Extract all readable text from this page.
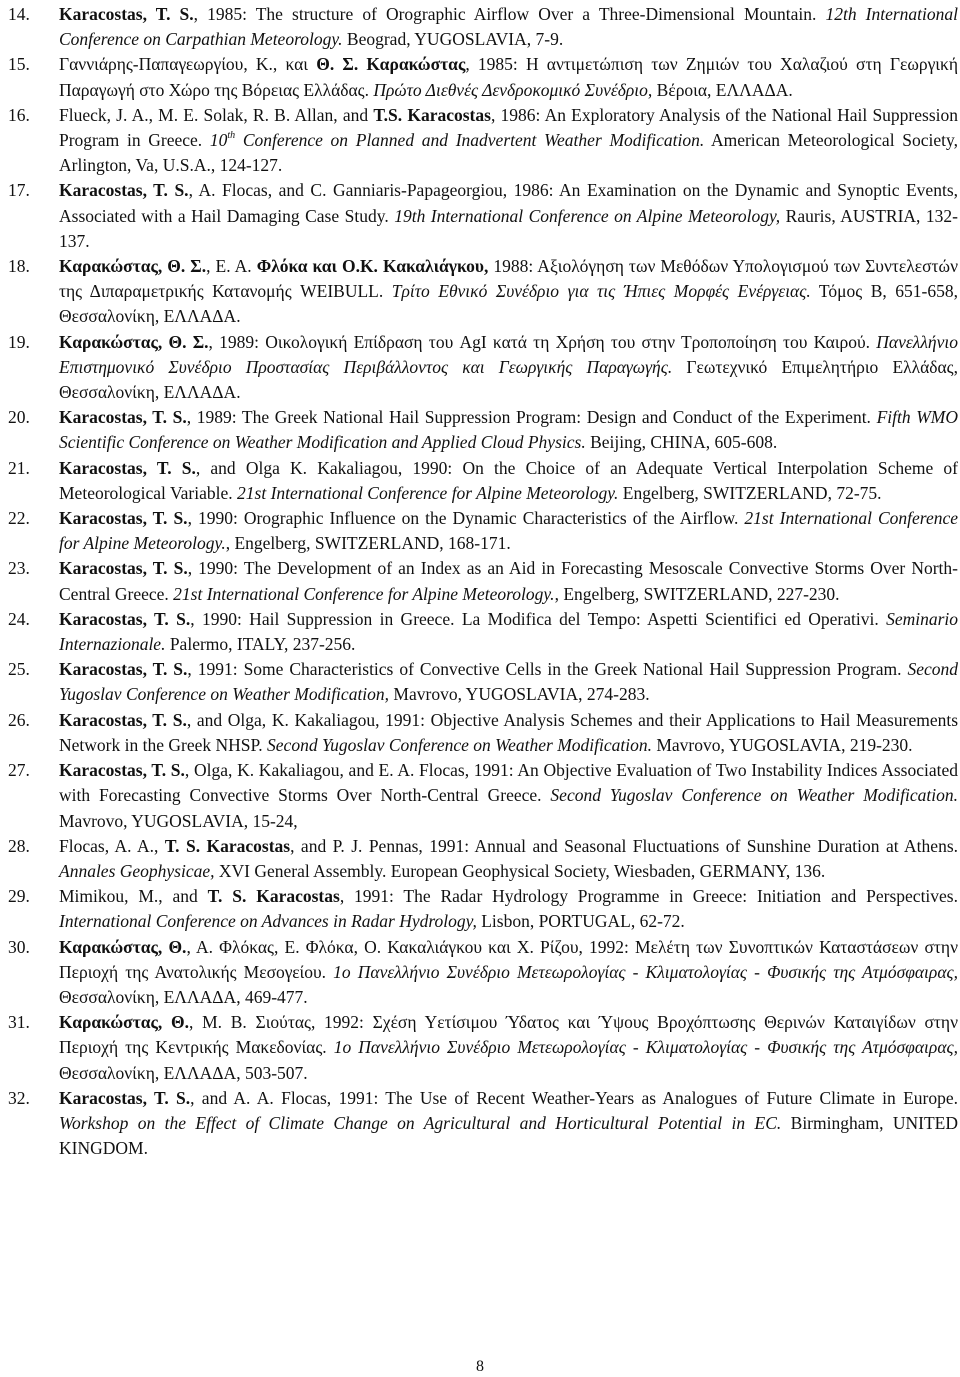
14.	Karacostas, T. S., 1985: The structure of Orographic Airflow Over a Three-Dimensional Mountain. 12th International Conference on Carpathian Meteorology. Beograd, YUGOSLAVIA, 7-9.
15.	Γαννιάρης-Παπαγεωργίου, Κ., και Θ. Σ. Καρακώστας, 1985: Η αντιμετώπιση των Ζημιών του Χαλαζιού στη Γεωργική Παραγωγή στο Χώρο της Βόρειας Ελλάδας. Πρώτο Διεθνές Δενδροκομικό Συνέδριο, Βέροια, ΕΛΛΑΔΑ.
16.	Flueck, J. A., M. E. Solak, R. B. Allan, and T.S. Karacostas, 1986: An Exploratory Analysis of the National Hail Suppression Program in Greece. 10th Conference on Planned and Inadvertent Weather Modification. American Meteorological Society, Arlington, Va, U.S.A., 124-127.
17.	Karacostas, T. S., A. Flocas, and C. Ganniaris-Papageorgiou, 1986: An Examination on the Dynamic and Synoptic Events, Associated with a Hail Damaging Case Study. 19th International Conference on Alpine Meteorology, Rauris, AUSTRIA, 132-137.
18.	Καρακώστας, Θ. Σ., Ε. Α. Φλόκα και Ο.Κ. Κακαλιάγκου, 1988: Αξιολόγηση των Μεθόδων Υπολογισμού των Συντελεστών της Διπαραμετρικής Κατανομής WEIBULL. Τρίτο Εθνικό Συνέδριο για τις Ήπιες Μορφές Ενέργειας. Τόμος Β, 651-658, Θεσσαλονίκη, ΕΛΛΑΔΑ.
19.	Καρακώστας, Θ. Σ., 1989: Οικολογική Επίδραση του AgI κατά τη Χρήση του στην Τροποποίηση του Καιρού. Πανελλήνιο Επιστημονικό Συνέδριο Προστασίας Περιβάλλοντος και Γεωργικής Παραγωγής. Γεωτεχνικό Επιμελητήριο Ελλάδας, Θεσσαλονίκη, ΕΛΛΑΔΑ.
20.	Karacostas, T. S., 1989: The Greek National Hail Suppression Program: Design and Conduct of the Experiment. Fifth WMO Scientific Conference on Weather Modification and Applied Cloud Physics. Beijing, CHINA, 605-608.
21.	Karacostas, T. S., and Olga K. Kakaliagou, 1990: On the Choice of an Adequate Vertical Interpolation Scheme of Meteorological Variable. 21st International Conference for Alpine Meteorology. Engelberg, SWITZERLAND, 72-75.
22.	Karacostas, T. S., 1990: Orographic Influence on the Dynamic Characteristics of the Airflow. 21st International Conference for Alpine Meteorology., Engelberg, SWITZERLAND, 168-171.
23.	Karacostas, T. S., 1990: The Development of an Index as an Aid in Forecasting Mesoscale Convective Storms Over North-Central Greece. 21st International Conference for Alpine Meteorology., Engelberg, SWITZERLAND, 227-230.
24.	Karacostas, T. S., 1990: Hail Suppression in Greece. La Modifica del Tempo: Aspetti Scientifici ed Operativi. Seminario Internazionale. Palermo, ITALY, 237-256.
25.	Karacostas, T. S., 1991: Some Characteristics of Convective Cells in the Greek National Hail Suppression Program. Second Yugoslav Conference on Weather Modification, Mavrovo, YUGOSLAVIA, 274-283.
26.	Karacostas, T. S., and Olga, K. Kakaliagou, 1991: Objective Analysis Schemes and their Applications to Hail Measurements Network in the Greek NHSP. Second Yugoslav Conference on Weather Modification. Mavrovo, YUGOSLAVIA, 219-230.
27.	Karacostas, T. S., Olga, K. Kakaliagou, and E. A. Flocas, 1991: An Objective Evaluation of Two Instability Indices Associated with Forecasting Convective Storms Over North-Central Greece. Second Yugoslav Conference on Weather Modification. Mavrovo, YUGOSLAVIA, 15-24,
28.	Flocas, A. A., T. S. Karacostas, and P. J. Pennas, 1991: Annual and Seasonal Fluctuations of Sunshine Duration at Athens. Annales Geophysicae, XVI General Assembly. European Geophysical Society, Wiesbaden, GERMANY, 136.
29.	Mimikou, M., and T. S. Karacostas, 1991: The Radar Hydrology Programme in Greece: Initiation and Perspectives. International Conference on Advances in Radar Hydrology, Lisbon, PORTUGAL, 62-72.
30.	Καρακώστας, Θ., Α. Φλόκας, Ε. Φλόκα, Ο. Κακαλιάγκου και Χ. Ρίζου, 1992: Μελέτη των Συνοπτικών Καταστάσεων στην Περιοχή της Ανατολικής Μεσογείου. 1ο Πανελλήνιο Συνέδριο Μετεωρολογίας - Κλιματολογίας - Φυσικής της Ατμόσφαιρας, Θεσσαλονίκη, ΕΛΛΑΔΑ, 469-477.
31.	Καρακώστας, Θ., Μ. Β. Σιούτας, 1992: Σχέση Υετίσιμου Ύδατος και Ύψους Βροχόπτωσης Θερινών Καταιγίδων στην Περιοχή της Κεντρικής Μακεδονίας. 1ο Πανελλήνιο Συνέδριο Μετεωρολογίας - Κλιματολογίας - Φυσικής της Ατμόσφαιρας, Θεσσαλονίκη, ΕΛΛΑΔΑ, 503-507.
32.	Karacostas, T. S., and A. A. Flocas, 1991: The Use of Recent Weather-Years as Analogues of Future Climate in Europe. Workshop on the Effect of Climate Change on Agricultural and Horticultural Potential in EC. Birmingham, UNITED KINGDOM.
8
